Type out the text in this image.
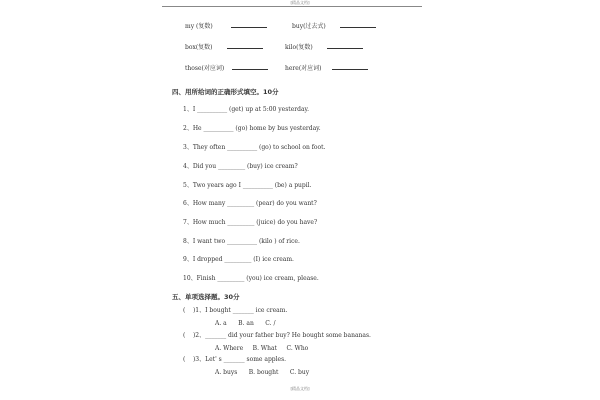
[精品文档]
my (复数)	buy(过去式)
box(复数)	kilo(复数)
those(对应词)	here(对应词)
四、用所给词的正确形式填空。10分
1、I __________ (get) up at 5:00 yesterday.
2、He __________ (go) home by bus yesterday.
3、They often __________ (go) to school on foot.
4、Did you _________ (buy) ice cream?
5、Two years ago I __________ (be) a pupil.
6、How many _________ (pear) do you want?
7、How much _________ (juice) do you have?
8、I want two __________ (kilo ) of rice.
9、I dropped _________ (I) ice cream.
10、Finish _________ (you) ice cream, please.
五、单项选择题。30分
(    )1、I bought _______ ice cream.
A. a      B. an      C. /
(    )2、_______ did your father buy? He bought some bananas.
A. Where     B. What     C. Who
(    )3、Let' s _______ some apples.
A. buys      B. bought      C. buy
[精品文档]
